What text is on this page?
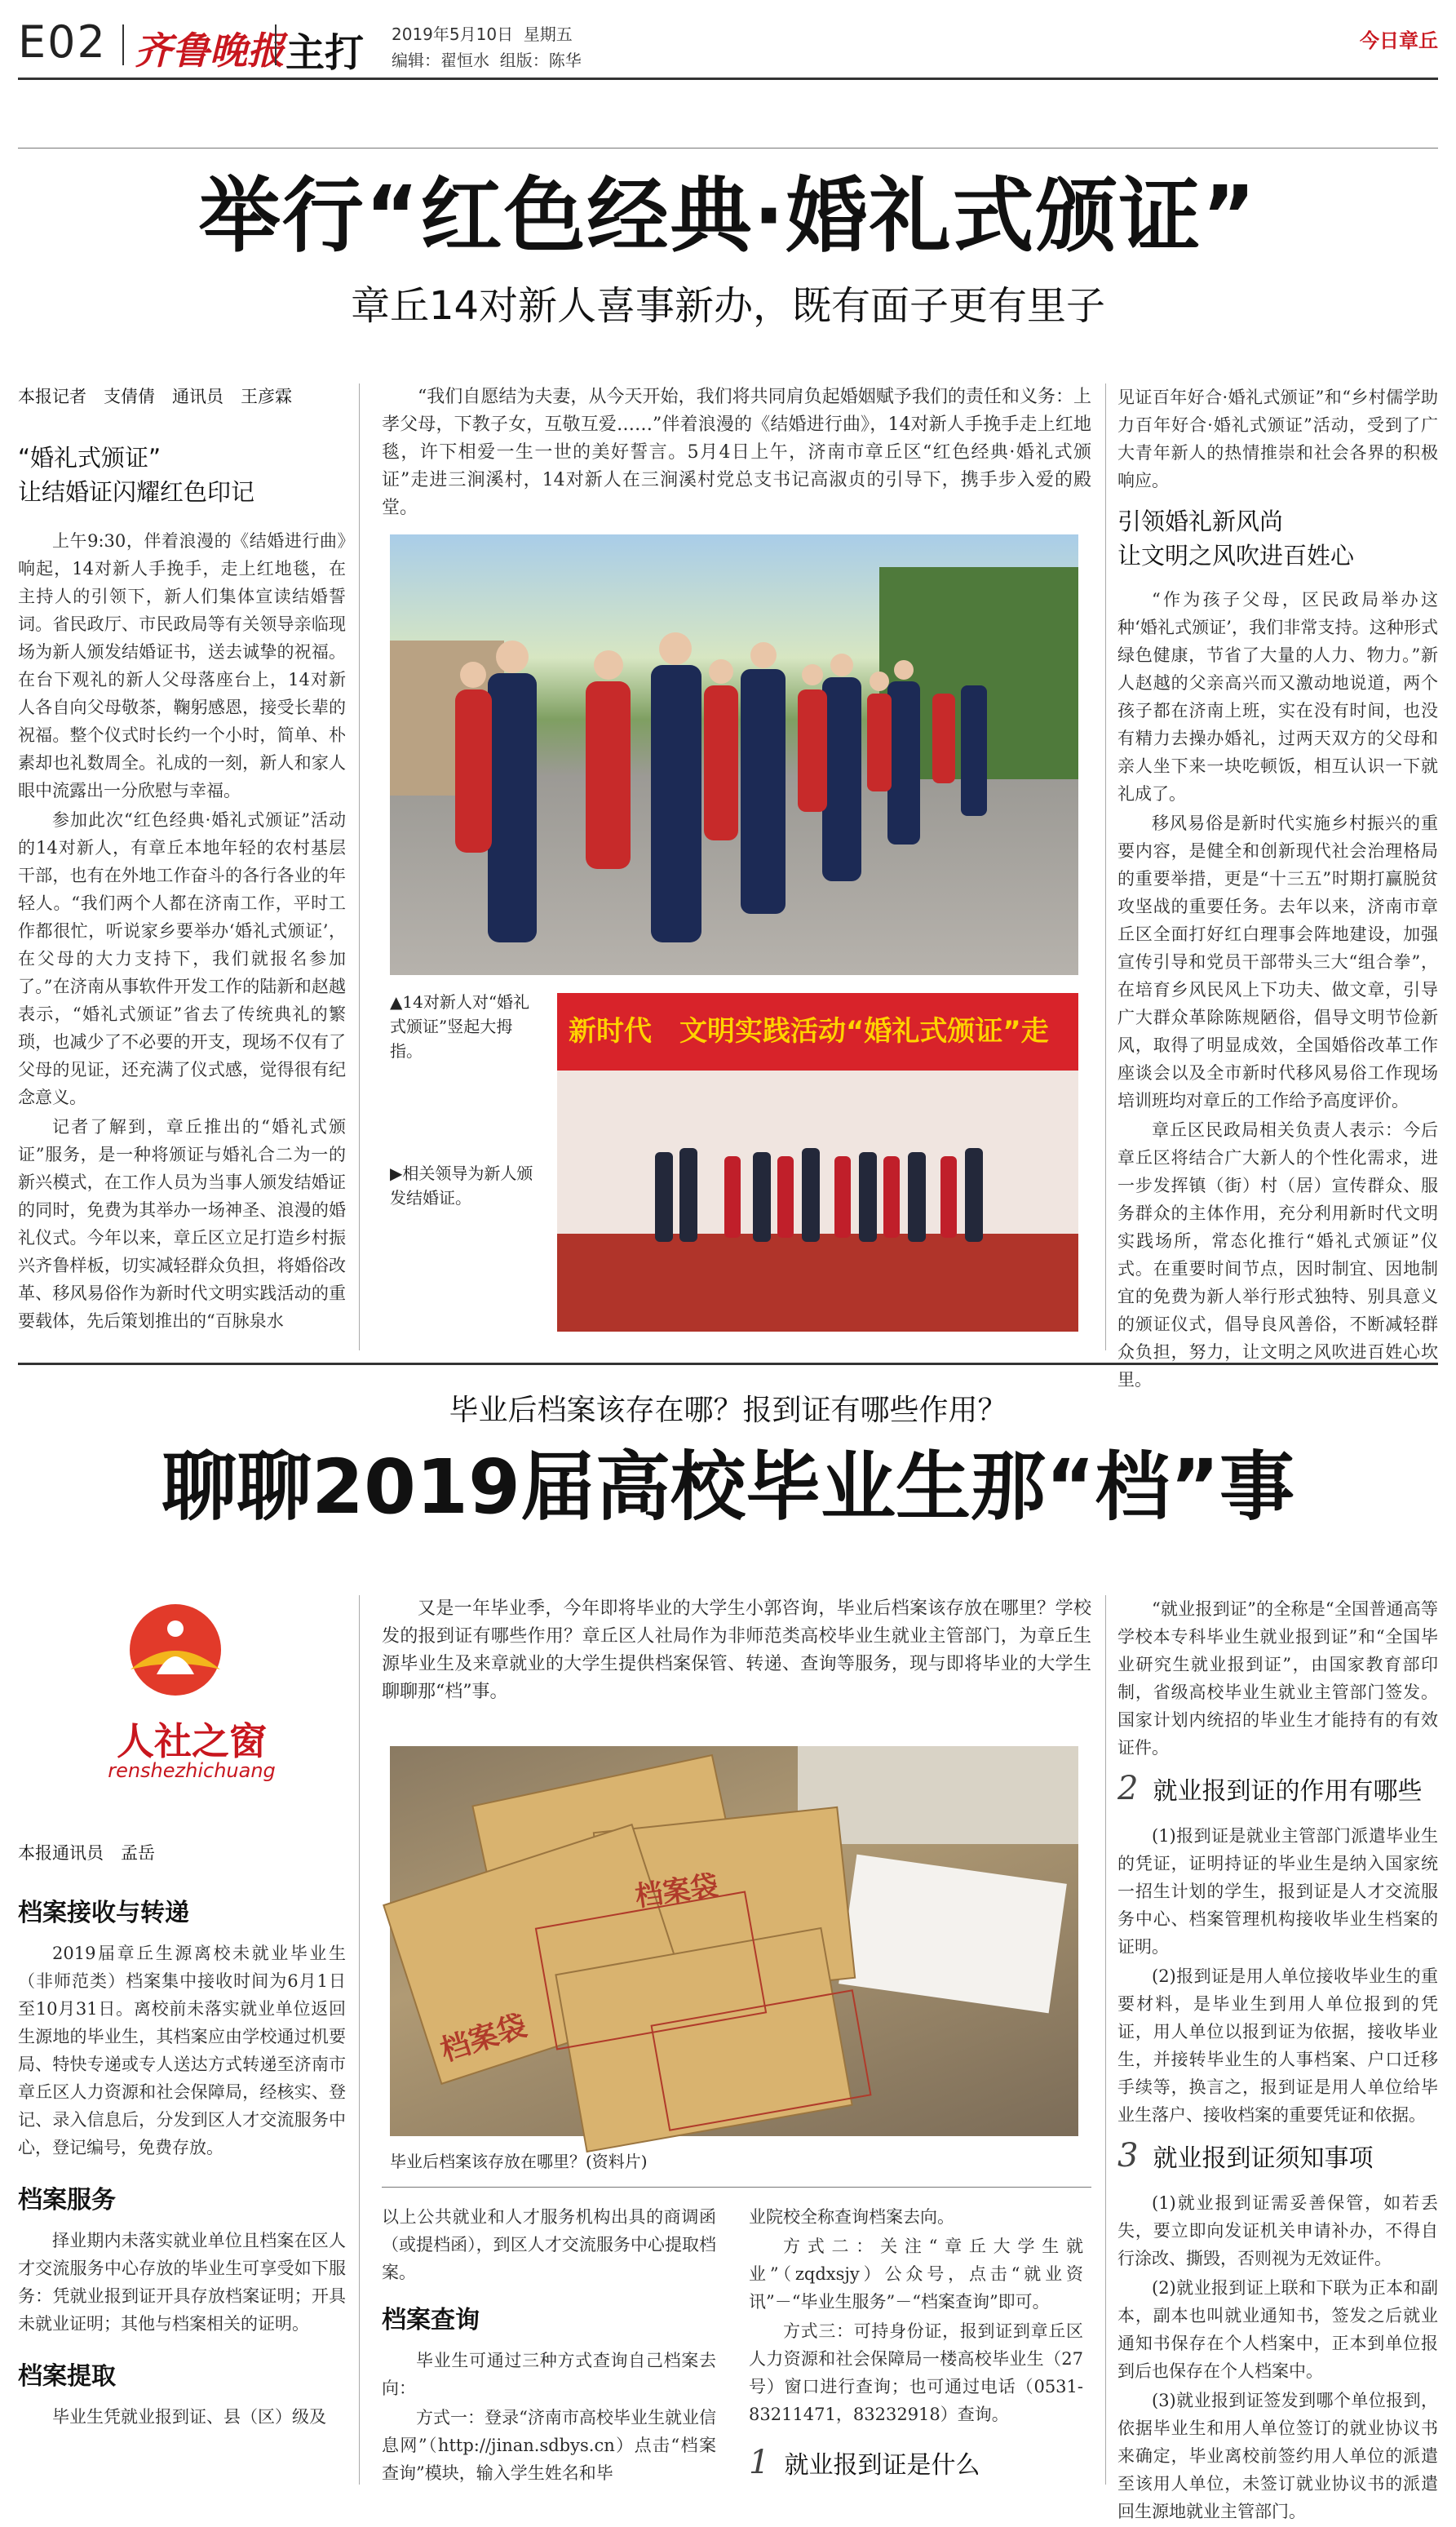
E02 齐鲁晚报 主打 2019年5月10日 星期五
编辑：翟恒水 组版：陈华
今日章丘
举行“红色经典·婚礼式颁证”
章丘14对新人喜事新办，既有面子更有里子
本报记者　支倩倩　通讯员　王彦霖
“婚礼式颁证”
让结婚证闪耀红色印记

上午9:30，伴着浪漫的《结婚进行曲》响起，14对新人手挽手，走上红地毯，在主持人的引领下，新人们集体宣读结婚誓词。省民政厅、市民政局等有关领导亲临现场为新人颁发结婚证书，送去诚挚的祝福。在台下观礼的新人父母落座台上，14对新人各自向父母敬茶，鞠躬感恩，接受长辈的祝福。整个仪式时长约一个小时，简单、朴素却也礼数周全。礼成的一刻，新人和家人眼中流露出一分欣慰与幸福。

参加此次“红色经典·婚礼式颁证”活动的14对新人，有章丘本地年轻的农村基层干部，也有在外地工作奋斗的各行各业的年轻人。“我们两个人都在济南工作，平时工作都很忙，听说家乡要举办‘婚礼式颁证’，在父母的大力支持下，我们就报名参加了。”在济南从事软件开发工作的陆新和赵越表示，“婚礼式颁证”省去了传统典礼的繁琐，也减少了不必要的开支，现场不仅有了父母的见证，还充满了仪式感，觉得很有纪念意义。

记者了解到，章丘推出的“婚礼式颁证”服务，是一种将颁证与婚礼合二为一的新兴模式，在工作人员为当事人颁发结婚证的同时，免费为其举办一场神圣、浪漫的婚礼仪式。今年以来，章丘区立足打造乡村振兴齐鲁样板，切实减轻群众负担，将婚俗改革、移风易俗作为新时代文明实践活动的重要载体，先后策划推出的“百脉泉水

“我们自愿结为夫妻，从今天开始，我们将共同肩负起婚姻赋予我们的责任和义务：上孝父母，下教子女，互敬互爱……”伴着浪漫的《结婚进行曲》，14对新人手挽手走上红地毯，许下相爱一生一世的美好誓言。5月4日上午，济南市章丘区“红色经典·婚礼式颁证”走进三涧溪村，14对新人在三涧溪村党总支书记高淑贞的引导下，携手步入爱的殿堂。

▲14对新人对“婚礼式颁证”竖起大拇指。
▶相关领导为新人颁发结婚证。
新时代　文明实践活动“婚礼式颁证”走

见证百年好合·婚礼式颁证”和“乡村儒学助力百年好合·婚礼式颁证”活动，受到了广大青年新人的热情推崇和社会各界的积极响应。

引领婚礼新风尚
让文明之风吹进百姓心

“作为孩子父母，区民政局举办这种‘婚礼式颁证’，我们非常支持。这种形式绿色健康，节省了大量的人力、物力。”新人赵越的父亲高兴而又激动地说道，两个孩子都在济南上班，实在没有时间，也没有精力去操办婚礼，过两天双方的父母和亲人坐下来一块吃顿饭，相互认识一下就礼成了。

移风易俗是新时代实施乡村振兴的重要内容，是健全和创新现代社会治理格局的重要举措，更是“十三五”时期打赢脱贫攻坚战的重要任务。去年以来，济南市章丘区全面打好红白理事会阵地建设，加强宣传引导和党员干部带头三大“组合拳”，在培育乡风民风上下功夫、做文章，引导广大群众革除陈规陋俗，倡导文明节俭新风，取得了明显成效，全国婚俗改革工作座谈会以及全市新时代移风易俗工作现场培训班均对章丘的工作给予高度评价。

章丘区民政局相关负责人表示：今后章丘区将结合广大新人的个性化需求，进一步发挥镇（街）村（居）宣传群众、服务群众的主体作用，充分利用新时代文明实践场所，常态化推行“婚礼式颁证”仪式。在重要时间节点，因时制宜、因地制宜的免费为新人举行形式独特、别具意义的颁证仪式，倡导良风善俗，不断减轻群众负担，努力，让文明之风吹进百姓心坎里。

毕业后档案该存在哪？报到证有哪些作用？
聊聊2019届高校毕业生那“档”事
人社之窗
renshezhichuang
本报通讯员　孟岳
档案接收与转递

2019届章丘生源离校未就业毕业生（非师范类）档案集中接收时间为6月1日至10月31日。离校前未落实就业单位返回生源地的毕业生，其档案应由学校通过机要局、特快专递或专人送达方式转递至济南市章丘区人力资源和社会保障局，经核实、登记、录入信息后，分发到区人才交流服务中心，登记编号，免费存放。

档案服务

择业期内未落实就业单位且档案在区人才交流服务中心存放的毕业生可享受如下服务：凭就业报到证开具存放档案证明；开具未就业证明；其他与档案相关的证明。

档案提取

毕业生凭就业报到证、县（区）级及

又是一年毕业季，今年即将毕业的大学生小郭咨询，毕业后档案该存放在哪里？学校发的报到证有哪些作用？章丘区人社局作为非师范类高校毕业生就业主管部门，为章丘生源毕业生及来章就业的大学生提供档案保管、转递、查询等服务，现与即将毕业的大学生聊聊那“档”事。

档案袋
档案袋
毕业后档案该存放在哪里？(资料片)

以上公共就业和人才服务机构出具的商调函（或提档函），到区人才交流服务中心提取档案。

档案查询

毕业生可通过三种方式查询自己档案去向：

方式一：登录“济南市高校毕业生就业信息网”（http://jinan.sdbys.cn）点击“档案查询”模块，输入学生姓名和毕

业院校全称查询档案去向。

方式二：关注“章丘大学生就业”（zqdxsjy）公众号，点击“就业资讯”－“毕业生服务”－“档案查询”即可。

方式三：可持身份证，报到证到章丘区人力资源和社会保障局一楼高校毕业生（27号）窗口进行查询；也可通过电话（0531-83211471，83232918）查询。

1 就业报到证是什么

“就业报到证”的全称是“全国普通高等学校本专科毕业生就业报到证”和“全国毕业研究生就业报到证”，由国家教育部印制，省级高校毕业生就业主管部门签发。国家计划内统招的毕业生才能持有的有效证件。

2 就业报到证的作用有哪些

(1)报到证是就业主管部门派遣毕业生的凭证，证明持证的毕业生是纳入国家统一招生计划的学生，报到证是人才交流服务中心、档案管理机构接收毕业生档案的证明。

(2)报到证是用人单位接收毕业生的重要材料，是毕业生到用人单位报到的凭证，用人单位以报到证为依据，接收毕业生，并接转毕业生的人事档案、户口迁移手续等，换言之，报到证是用人单位给毕业生落户、接收档案的重要凭证和依据。

3 就业报到证须知事项

(1)就业报到证需妥善保管，如若丢失，要立即向发证机关申请补办，不得自行涂改、撕毁，否则视为无效证件。

(2)就业报到证上联和下联为正本和副本，副本也叫就业通知书，签发之后就业通知书保存在个人档案中，正本到单位报到后也保存在个人档案中。

(3)就业报到证签发到哪个单位报到，依据毕业生和用人单位签订的就业协议书来确定，毕业离校前签约用人单位的派遣至该用人单位，未签订就业协议书的派遣回生源地就业主管部门。
